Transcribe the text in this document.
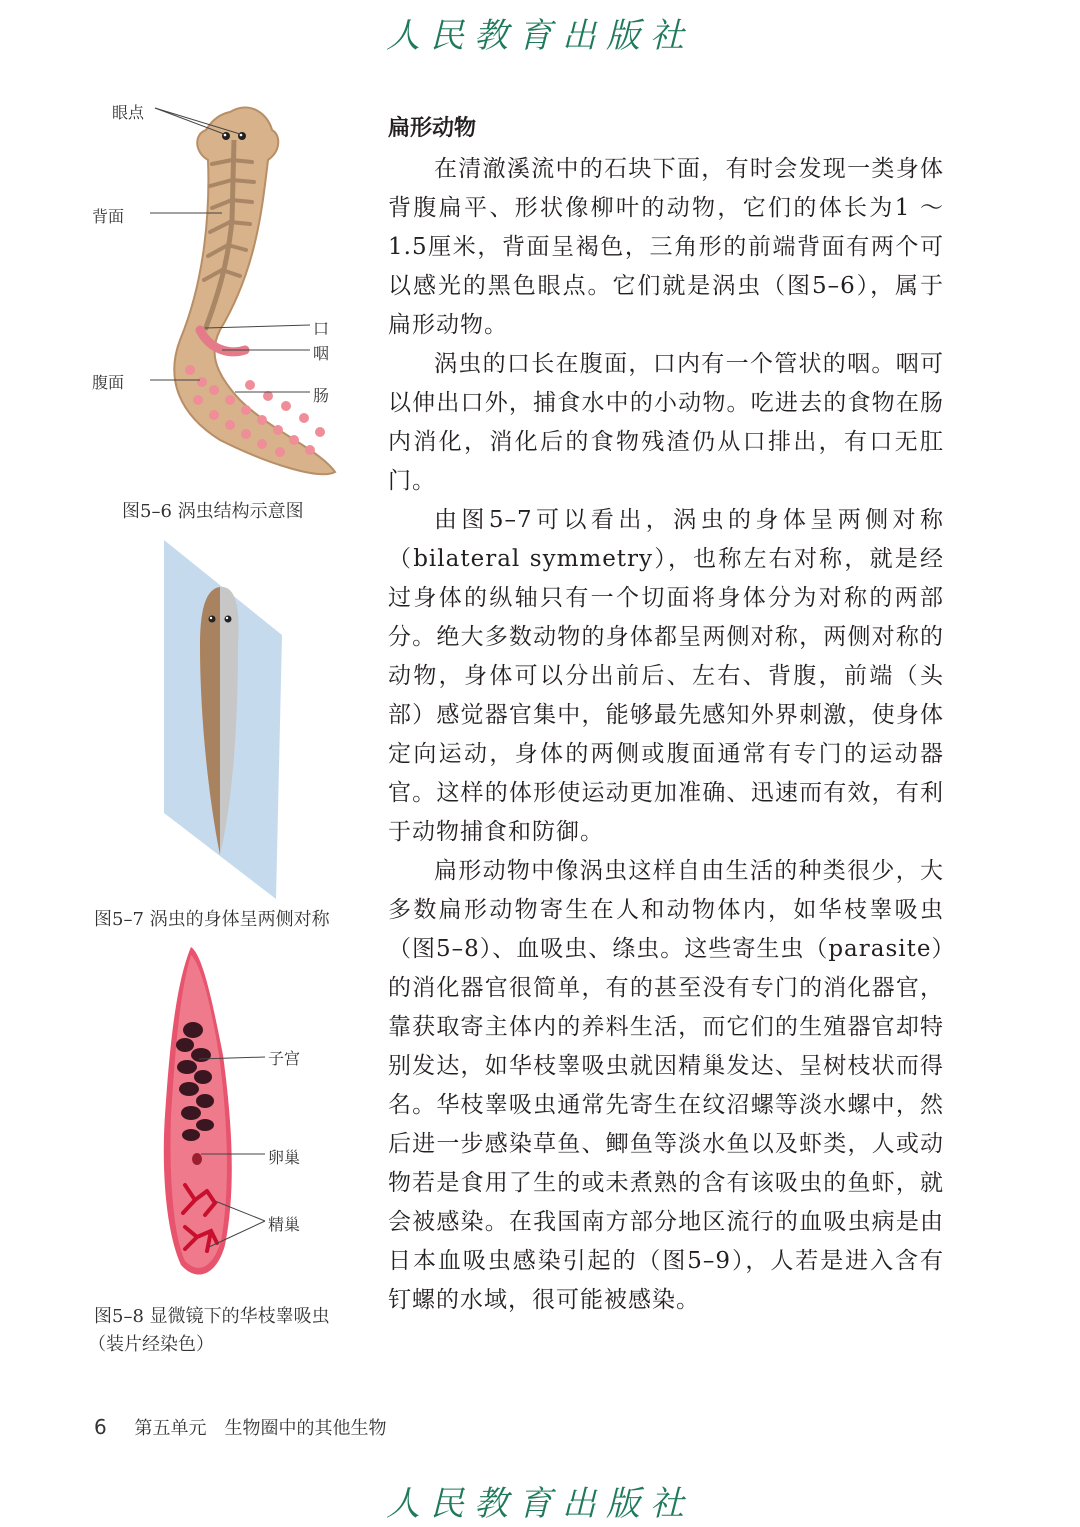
人民教育出版社
眼点
背面
口
咽
腹面
肠
图5–6 涡虫结构示意图
图5–7 涡虫的身体呈两侧对称
子宫
卵巢
精巢
图5–8 显微镜下的华枝睾吸虫
（装片经染色）
扁形动物

在清澈溪流中的石块下面，有时会发现一类身体背腹扁平、形状像柳叶的动物，它们的体长为1 ～ 1.5厘米，背面呈褐色，三角形的前端背面有两个可以感光的黑色眼点。它们就是涡虫（图5–6），属于扁形动物。

涡虫的口长在腹面，口内有一个管状的咽。咽可以伸出口外，捕食水中的小动物。吃进去的食物在肠内消化，消化后的食物残渣仍从口排出，有口无肛门。

由图5–7可以看出，涡虫的身体呈两侧对称（bilateral symmetry），也称左右对称，就是经过身体的纵轴只有一个切面将身体分为对称的两部分。绝大多数动物的身体都呈两侧对称，两侧对称的动物，身体可以分出前后、左右、背腹，前端（头部）感觉器官集中，能够最先感知外界刺激，使身体定向运动，身体的两侧或腹面通常有专门的运动器官。这样的体形使运动更加准确、迅速而有效，有利于动物捕食和防御。

扁形动物中像涡虫这样自由生活的种类很少，大多数扁形动物寄生在人和动物体内，如华枝睾吸虫（图5–8）、血吸虫、绦虫。这些寄生虫（parasite）的消化器官很简单，有的甚至没有专门的消化器官，靠获取寄主体内的养料生活，而它们的生殖器官却特别发达，如华枝睾吸虫就因精巢发达、呈树枝状而得名。华枝睾吸虫通常先寄生在纹沼螺等淡水螺中，然后进一步感染草鱼、鲫鱼等淡水鱼以及虾类，人或动物若是食用了生的或未煮熟的含有该吸虫的鱼虾，就会被感染。在我国南方部分地区流行的血吸虫病是由日本血吸虫感染引起的（图5–9），人若是进入含有钉螺的水域，很可能被感染。

6 第五单元　生物圈中的其他生物
人民教育出版社
